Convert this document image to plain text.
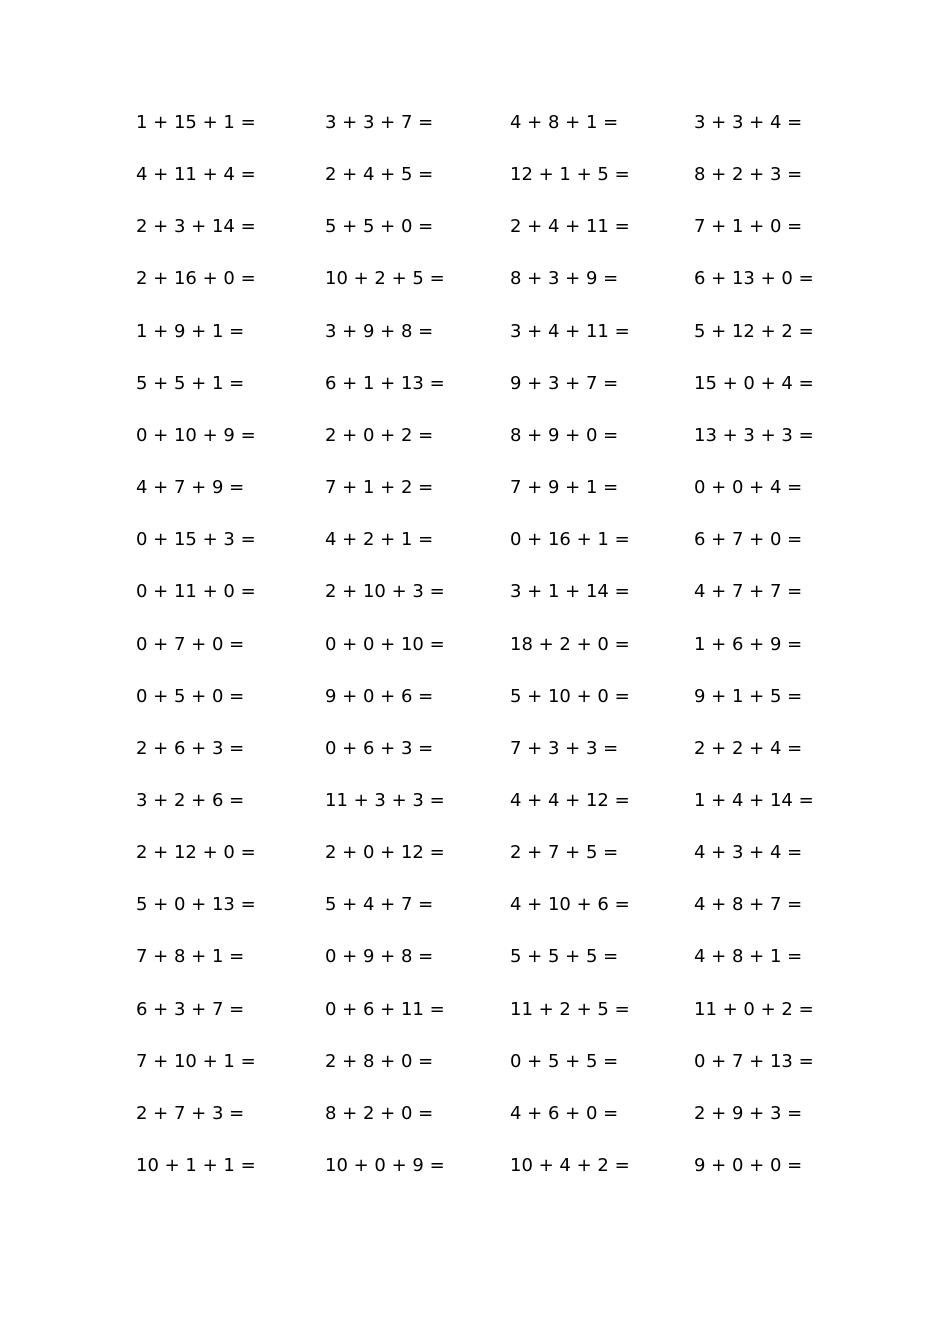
1 + 15 + 1 =
4 + 11 + 4 =
2 + 3 + 14 =
2 + 16 + 0 =
1 + 9 + 1 =
5 + 5 + 1 =
0 + 10 + 9 =
4 + 7 + 9 =
0 + 15 + 3 =
0 + 11 + 0 =
0 + 7 + 0 =
0 + 5 + 0 =
2 + 6 + 3 =
3 + 2 + 6 =
2 + 12 + 0 =
5 + 0 + 13 =
7 + 8 + 1 =
6 + 3 + 7 =
7 + 10 + 1 =
2 + 7 + 3 =
10 + 1 + 1 =
3 + 3 + 7 =
2 + 4 + 5 =
5 + 5 + 0 =
10 + 2 + 5 =
3 + 9 + 8 =
6 + 1 + 13 =
2 + 0 + 2 =
7 + 1 + 2 =
4 + 2 + 1 =
2 + 10 + 3 =
0 + 0 + 10 =
9 + 0 + 6 =
0 + 6 + 3 =
11 + 3 + 3 =
2 + 0 + 12 =
5 + 4 + 7 =
0 + 9 + 8 =
0 + 6 + 11 =
2 + 8 + 0 =
8 + 2 + 0 =
10 + 0 + 9 =
4 + 8 + 1 =
12 + 1 + 5 =
2 + 4 + 11 =
8 + 3 + 9 =
3 + 4 + 11 =
9 + 3 + 7 =
8 + 9 + 0 =
7 + 9 + 1 =
0 + 16 + 1 =
3 + 1 + 14 =
18 + 2 + 0 =
5 + 10 + 0 =
7 + 3 + 3 =
4 + 4 + 12 =
2 + 7 + 5 =
4 + 10 + 6 =
5 + 5 + 5 =
11 + 2 + 5 =
0 + 5 + 5 =
4 + 6 + 0 =
10 + 4 + 2 =
3 + 3 + 4 =
8 + 2 + 3 =
7 + 1 + 0 =
6 + 13 + 0 =
5 + 12 + 2 =
15 + 0 + 4 =
13 + 3 + 3 =
0 + 0 + 4 =
6 + 7 + 0 =
4 + 7 + 7 =
1 + 6 + 9 =
9 + 1 + 5 =
2 + 2 + 4 =
1 + 4 + 14 =
4 + 3 + 4 =
4 + 8 + 7 =
4 + 8 + 1 =
11 + 0 + 2 =
0 + 7 + 13 =
2 + 9 + 3 =
9 + 0 + 0 =
